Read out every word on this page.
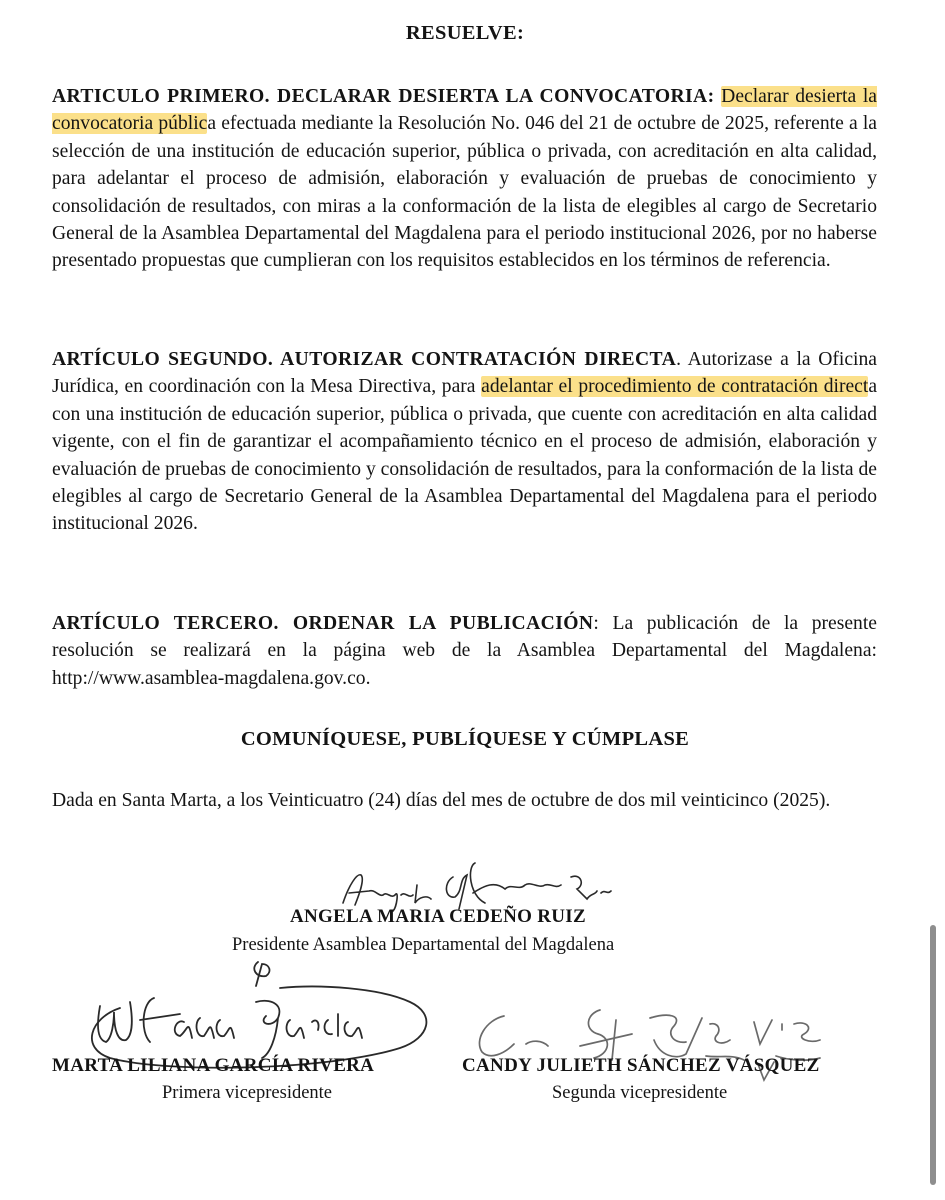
RESUELVE:

ARTICULO PRIMERO. DECLARAR DESIERTA LA CONVOCATORIA: Declarar desierta la convocatoria pública efectuada mediante la Resolución No. 046 del 21 de octubre de 2025, referente a la selección de una institución de educación superior, pública o privada, con acreditación en alta calidad, para adelantar el proceso de admisión, elaboración y evaluación de pruebas de conocimiento y consolidación de resultados, con miras a la conformación de la lista de elegibles al cargo de Secretario General de la Asamblea Departamental del Magdalena para el periodo institucional 2026, por no haberse presentado propuestas que cumplieran con los requisitos establecidos en los términos de referencia.

ARTÍCULO SEGUNDO. AUTORIZAR CONTRATACIÓN DIRECTA. Autorizase a la Oficina Jurídica, en coordinación con la Mesa Directiva, para adelantar el procedimiento de contratación directa con una institución de educación superior, pública o privada, que cuente con acreditación en alta calidad vigente, con el fin de garantizar el acompañamiento técnico en el proceso de admisión, elaboración y evaluación de pruebas de conocimiento y consolidación de resultados, para la conformación de la lista de elegibles al cargo de Secretario General de la Asamblea Departamental del Magdalena para el periodo institucional 2026.

ARTÍCULO TERCERO. ORDENAR LA PUBLICACIÓN: La publicación de la presente resolución se realizará en la página web de la Asamblea Departamental del Magdalena: http://www.asamblea-magdalena.gov.co.

COMUNÍQUESE, PUBLÍQUESE Y CÚMPLASE

Dada en Santa Marta, a los Veinticuatro (24) días del mes de octubre de dos mil veinticinco (2025).

ANGELA MARIA CEDEÑO RUIZ
Presidente Asamblea Departamental del Magdalena
MARTA LILIANA GARCÍA RIVERA
Primera vicepresidente
CANDY JULIETH SÁNCHEZ VÁSQUEZ
Segunda vicepresidente
